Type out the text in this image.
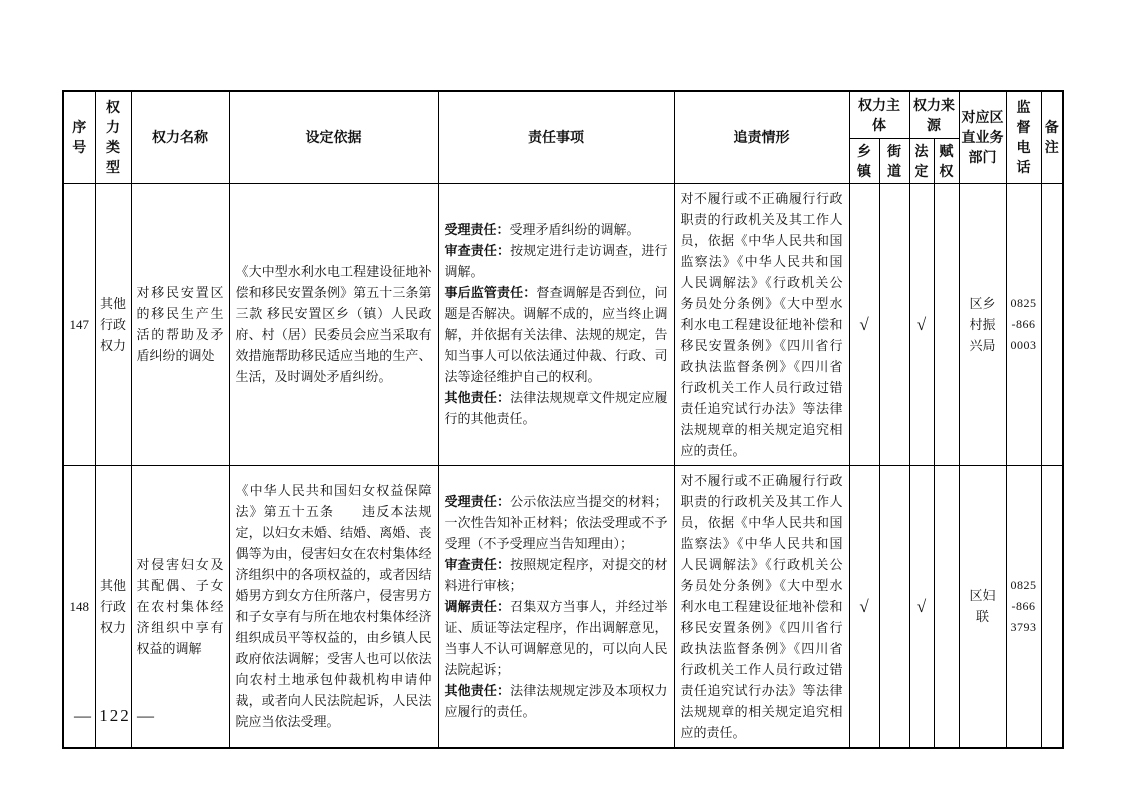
序号	权力类型	权力名称	设定依据	责任事项	追责情形	权力主体		权力来源		对应区直业务部门	监督电话	备注
						乡镇	街道	法定	赋权			
147	其他行政权力	对移民安置区的移民生产生活的帮助及矛盾纠纷的调处	《大中型水利水电工程建设征地补偿和移民安置条例》第五十三条第三款 移民安置区乡（镇）人民政府、村（居）民委员会应当采取有效措施帮助移民适应当地的生产、生活，及时调处矛盾纠纷。	受理责任：受理矛盾纠纷的调解。

审查责任：按规定进行走访调查，进行调解。

事后监管责任：督查调解是否到位，问题是否解决。调解不成的，应当终止调解，并依据有关法律、法规的规定，告知当事人可以依法通过仲裁、行政、司法等途径维护自己的权利。

其他责任：法律法规规章文件规定应履行的其他责任。	对不履行或不正确履行行政职责的行政机关及其工作人员，依据《中华人民共和国监察法》《中华人民共和国人民调解法》《行政机关公务员处分条例》《大中型水利水电工程建设征地补偿和移民安置条例》《四川省行政执法监督条例》《四川省行政机关工作人员行政过错责任追究试行办法》等法律法规规章的相关规定追究相应的责任。	√		√		区乡村振兴局	0825-8660003	
148	其他行政权力	对侵害妇女及其配偶、子女在农村集体经济组织中享有权益的调解	《中华人民共和国妇女权益保障法》第五十五条　　违反本法规定，以妇女未婚、结婚、离婚、丧偶等为由，侵害妇女在农村集体经济组织中的各项权益的，或者因结婚男方到女方住所落户，侵害男方和子女享有与所在地农村集体经济组织成员平等权益的，由乡镇人民政府依法调解；受害人也可以依法向农村土地承包仲裁机构申请仲裁，或者向人民法院起诉，人民法院应当依法受理。	受理责任：公示依法应当提交的材料；一次性告知补正材料；依法受理或不予受理（不予受理应当告知理由）；

审查责任：按照规定程序，对提交的材料进行审核；

调解责任：召集双方当事人，并经过举证、质证等法定程序，作出调解意见，当事人不认可调解意见的，可以向人民法院起诉；

其他责任：法律法规规定涉及本项权力应履行的责任。	对不履行或不正确履行行政职责的行政机关及其工作人员，依据《中华人民共和国监察法》《中华人民共和国人民调解法》《行政机关公务员处分条例》《大中型水利水电工程建设征地补偿和移民安置条例》《四川省行政执法监督条例》《四川省行政机关工作人员行政过错责任追究试行办法》等法律法规规章的相关规定追究相应的责任。	√		√		区妇联	0825-8663793	
— 122 —
